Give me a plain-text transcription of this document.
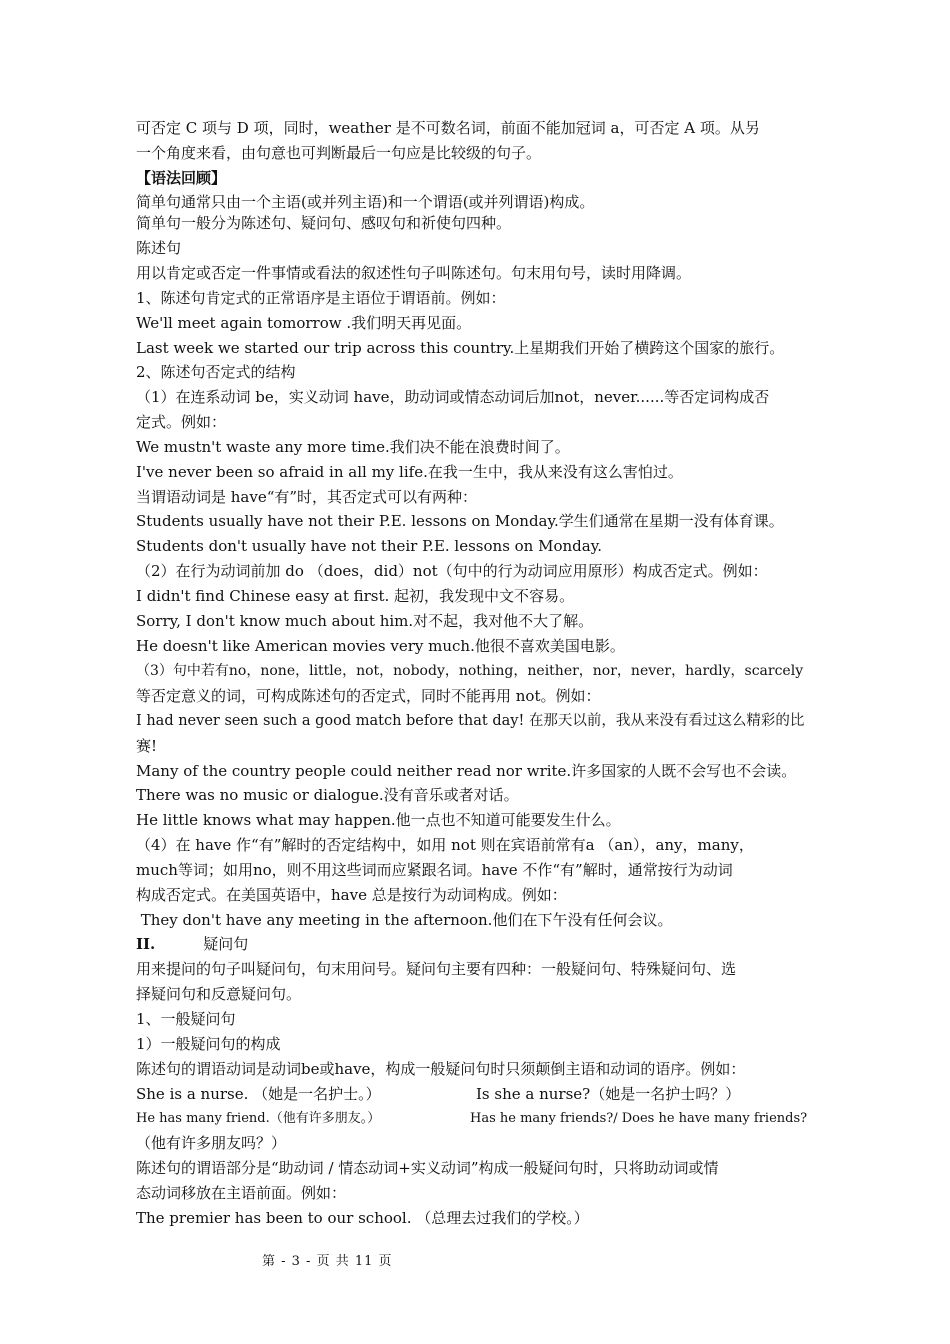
可否定 C 项与 D 项，同时，weather 是不可数名词，前面不能加冠词 a，可否定 A 项。从另
一个角度来看，由句意也可判断最后一句应是比较级的句子。
【语法回顾】
简单句通常只由一个主语(或并列主语)和一个谓语(或并列谓语)构成。
简单句一般分为陈述句、疑问句、感叹句和祈使句四种。
陈述句
用以肯定或否定一件事情或看法的叙述性句子叫陈述句。句末用句号，读时用降调。
1、陈述句肯定式的正常语序是主语位于谓语前。例如：
We'll meet again tomorrow .我们明天再见面。
Last week we started our trip across this country.上星期我们开始了横跨这个国家的旅行。
2、陈述句否定式的结构
（1）在连系动词 be，实义动词 have，助动词或情态动词后加not，never......等否定词构成否
定式。例如：
We mustn't waste any more time.我们决不能在浪费时间了。
I've never been so afraid in all my life.在我一生中，我从来没有这么害怕过。
当谓语动词是 have“有”时，其否定式可以有两种：
Students usually have not their P.E. lessons on Monday.学生们通常在星期一没有体育课。
Students don't usually have not their P.E. lessons on Monday.
（2）在行为动词前加 do （does，did）not（句中的行为动词应用原形）构成否定式。例如：
I didn't find Chinese easy at first. 起初，我发现中文不容易。
Sorry, I don't know much about him.对不起，我对他不大了解。
He doesn't like American movies very much.他很不喜欢美国电影。
（3）句中若有no，none，little，not，nobody，nothing，neither，nor，never，hardly，scarcely
等否定意义的词，可构成陈述句的否定式，同时不能再用 not。例如：
I had never seen such a good match before that day! 在那天以前，我从来没有看过这么精彩的比
赛!
Many of the country people could neither read nor write.许多国家的人既不会写也不会读。
There was no music or dialogue.没有音乐或者对话。
He little knows what may happen.他一点也不知道可能要发生什么。
（4）在 have 作“有”解时的否定结构中，如用 not 则在宾语前常有a （an），any，many，
much等词；如用no，则不用这些词而应紧跟名词。have 不作“有”解时，通常按行为动词
构成否定式。在美国英语中，have 总是按行为动词构成。例如：
They don't have any meeting in the afternoon.他们在下午没有任何会议。
II.	疑问句
用来提问的句子叫疑问句，句末用问号。疑问句主要有四种：一般疑问句、特殊疑问句、选
择疑问句和反意疑问句。
1、一般疑问句
1）一般疑问句的构成
陈述句的谓语动词是动词be或have，构成一般疑问句时只须颠倒主语和动词的语序。例如：
She is a nurse. （她是一名护士。）	Is she a nurse?（她是一名护士吗？）
He has many friend.（他有许多朋友。）	Has he many friends?/ Does he have many friends?
（他有许多朋友吗？）
陈述句的谓语部分是“助动词 / 情态动词+实义动词”构成一般疑问句时，只将助动词或情
态动词移放在主语前面。例如：
The premier has been to our school. （总理去过我们的学校。）
第 - 3 - 页 共 11 页
